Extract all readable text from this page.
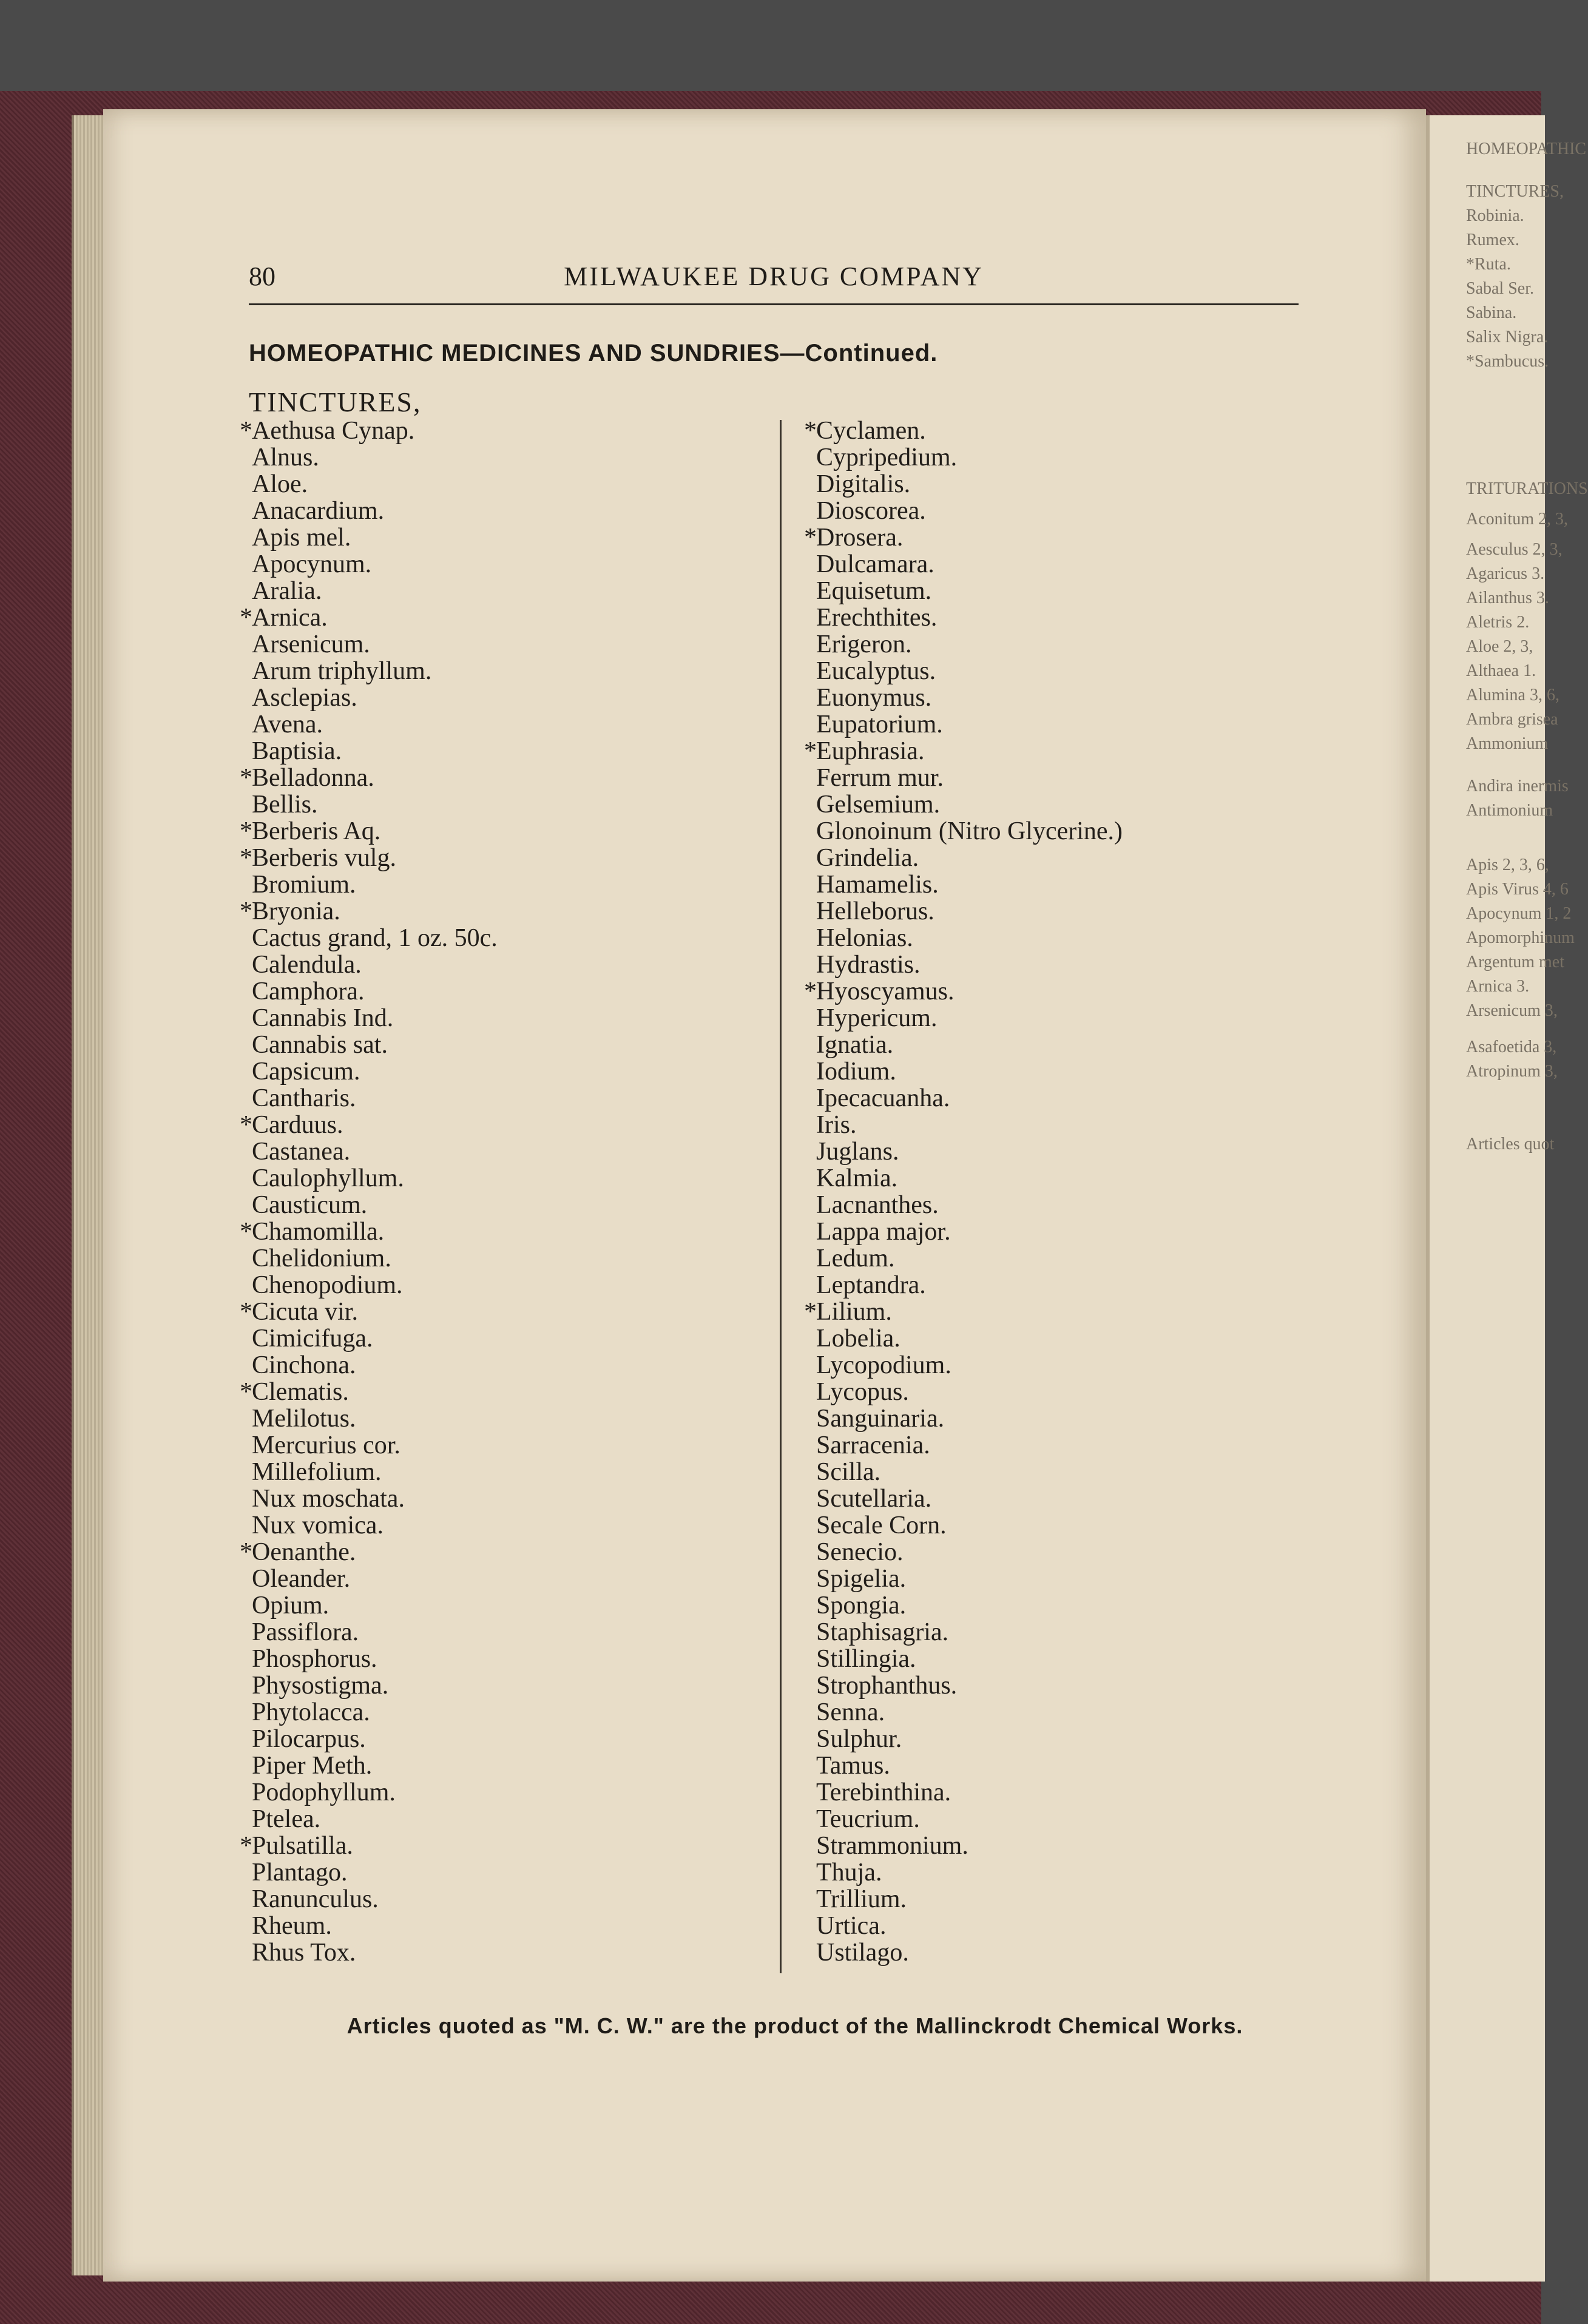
HOMEOPATHIC
TINCTURES,
Robinia.
Rumex.
*Ruta.
Sabal Ser.
Sabina.
Salix Nigra.
*Sambucus.
TRITURATIONS
Aconitum 2, 3,
Aesculus 2, 3,
Agaricus 3.
Ailanthus 3.
Aletris 2.
Aloe 2, 3,
Althaea 1.
Alumina 3, 6,
Ambra grisea
Ammonium
Andira inermis
Antimonium
Apis 2, 3, 6,
Apis Virus 4, 6
Apocynum 1, 2
Apomorphinum
Argentum met
Arnica 3.
Arsenicum 3,
Asafoetida 3,
Atropinum 3,
Articles quot
80	MILWAUKEE DRUG COMPANY
HOMEOPATHIC MEDICINES AND SUNDRIES—Continued.
TINCTURES,
*Aethusa Cynap.
Alnus.
Aloe.
Anacardium.
Apis mel.
Apocynum.
Aralia.
*Arnica.
Arsenicum.
Arum triphyllum.
Asclepias.
Avena.
Baptisia.
*Belladonna.
Bellis.
*Berberis Aq.
*Berberis vulg.
Bromium.
*Bryonia.
Cactus grand, 1 oz. 50c.
Calendula.
Camphora.
Cannabis Ind.
Cannabis sat.
Capsicum.
Cantharis.
*Carduus.
Castanea.
Caulophyllum.
Causticum.
*Chamomilla.
Chelidonium.
Chenopodium.
*Cicuta vir.
Cimicifuga.
Cinchona.
*Clematis.
Melilotus.
Mercurius cor.
Millefolium.
Nux moschata.
Nux vomica.
*Oenanthe.
Oleander.
Opium.
Passiflora.
Phosphorus.
Physostigma.
Phytolacca.
Pilocarpus.
Piper Meth.
Podophyllum.
Ptelea.
*Pulsatilla.
Plantago.
Ranunculus.
Rheum.
Rhus Tox.
*Cyclamen.
Cypripedium.
Digitalis.
Dioscorea.
*Drosera.
Dulcamara.
Equisetum.
Erechthites.
Erigeron.
Eucalyptus.
Euonymus.
Eupatorium.
*Euphrasia.
Ferrum mur.
Gelsemium.
Glonoinum (Nitro Glycerine.)
Grindelia.
Hamamelis.
Helleborus.
Helonias.
Hydrastis.
*Hyoscyamus.
Hypericum.
Ignatia.
Iodium.
Ipecacuanha.
Iris.
Juglans.
Kalmia.
Lacnanthes.
Lappa major.
Ledum.
Leptandra.
*Lilium.
Lobelia.
Lycopodium.
Lycopus.
Sanguinaria.
Sarracenia.
Scilla.
Scutellaria.
Secale Corn.
Senecio.
Spigelia.
Spongia.
Staphisagria.
Stillingia.
Strophanthus.
Senna.
Sulphur.
Tamus.
Terebinthina.
Teucrium.
Strammonium.
Thuja.
Trillium.
Urtica.
Ustilago.
Articles quoted as "M. C. W." are the product of the Mallinckrodt Chemical Works.
